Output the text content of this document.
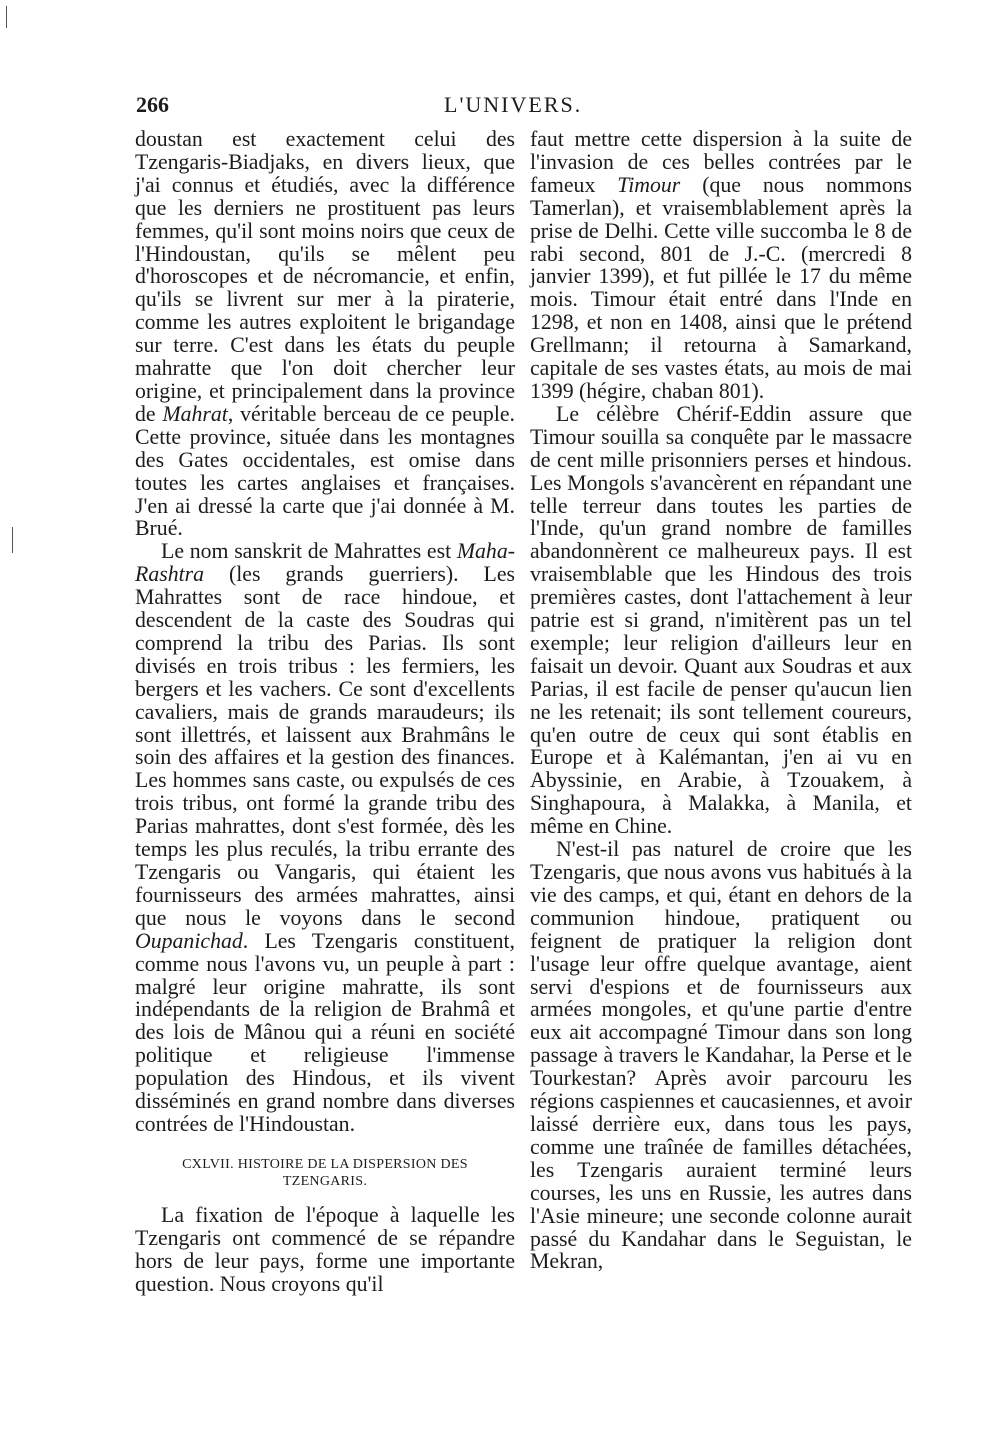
266	L'UNIVERS.

doustan est exactement celui des Tzengaris-Biadjaks, en divers lieux, que j'ai connus et étudiés, avec la différence que les derniers ne prostituent pas leurs femmes, qu'il sont moins noirs que ceux de l'Hindoustan, qu'ils se mêlent peu d'horoscopes et de nécromancie, et enfin, qu'ils se livrent sur mer à la piraterie, comme les autres exploitent le brigandage sur terre. C'est dans les états du peuple mahratte que l'on doit chercher leur origine, et principalement dans la province de Mahrat, véritable berceau de ce peuple. Cette province, située dans les montagnes des Gates occidentales, est omise dans toutes les cartes anglaises et françaises. J'en ai dressé la carte que j'ai donnée à M. Brué.

Le nom sanskrit de Mahrattes est Maha-Rashtra (les grands guerriers). Les Mahrattes sont de race hindoue, et descendent de la caste des Soudras qui comprend la tribu des Parias. Ils sont divisés en trois tribus : les fermiers, les bergers et les vachers. Ce sont d'excellents cavaliers, mais de grands maraudeurs; ils sont illettrés, et laissent aux Brahmâns le soin des affaires et la gestion des finances. Les hommes sans caste, ou expulsés de ces trois tribus, ont formé la grande tribu des Parias mahrattes, dont s'est formée, dès les temps les plus reculés, la tribu errante des Tzengaris ou Vangaris, qui étaient les fournisseurs des armées mahrattes, ainsi que nous le voyons dans le second Oupanichad. Les Tzengaris constituent, comme nous l'avons vu, un peuple à part : malgré leur origine mahratte, ils sont indépendants de la religion de Brahmâ et des lois de Mânou qui a réuni en société politique et religieuse l'immense population des Hindous, et ils vivent disséminés en grand nombre dans diverses contrées de l'Hindoustan.

CXLVII. HISTOIRE DE LA DISPERSION DES TZENGARIS.

La fixation de l'époque à laquelle les Tzengaris ont commencé de se répandre hors de leur pays, forme une importante question. Nous croyons qu'il

faut mettre cette dispersion à la suite de l'invasion de ces belles contrées par le fameux Timour (que nous nommons Tamerlan), et vraisemblablement après la prise de Delhi. Cette ville succomba le 8 de rabi second, 801 de J.-C. (mercredi 8 janvier 1399), et fut pillée le 17 du même mois. Timour était entré dans l'Inde en 1298, et non en 1408, ainsi que le prétend Grellmann; il retourna à Samarkand, capitale de ses vastes états, au mois de mai 1399 (hégire, chaban 801).

Le célèbre Chérif-Eddin assure que Timour souilla sa conquête par le massacre de cent mille prisonniers perses et hindous. Les Mongols s'avancèrent en répandant une telle terreur dans toutes les parties de l'Inde, qu'un grand nombre de familles abandonnèrent ce malheureux pays. Il est vraisemblable que les Hindous des trois premières castes, dont l'attachement à leur patrie est si grand, n'imitèrent pas un tel exemple; leur religion d'ailleurs leur en faisait un devoir. Quant aux Soudras et aux Parias, il est facile de penser qu'aucun lien ne les retenait; ils sont tellement coureurs, qu'en outre de ceux qui sont établis en Europe et à Kalémantan, j'en ai vu en Abyssinie, en Arabie, à Tzouakem, à Singhapoura, à Malakka, à Manila, et même en Chine.

N'est-il pas naturel de croire que les Tzengaris, que nous avons vus habitués à la vie des camps, et qui, étant en dehors de la communion hindoue, pratiquent ou feignent de pratiquer la religion dont l'usage leur offre quelque avantage, aient servi d'espions et de fournisseurs aux armées mongoles, et qu'une partie d'entre eux ait accompagné Timour dans son long passage à travers le Kandahar, la Perse et le Tourkestan? Après avoir parcouru les régions caspiennes et caucasiennes, et avoir laissé derrière eux, dans tous les pays, comme une traînée de familles détachées, les Tzengaris auraient terminé leurs courses, les uns en Russie, les autres dans l'Asie mineure; une seconde colonne aurait passé du Kandahar dans le Seguistan, le Mekran,
